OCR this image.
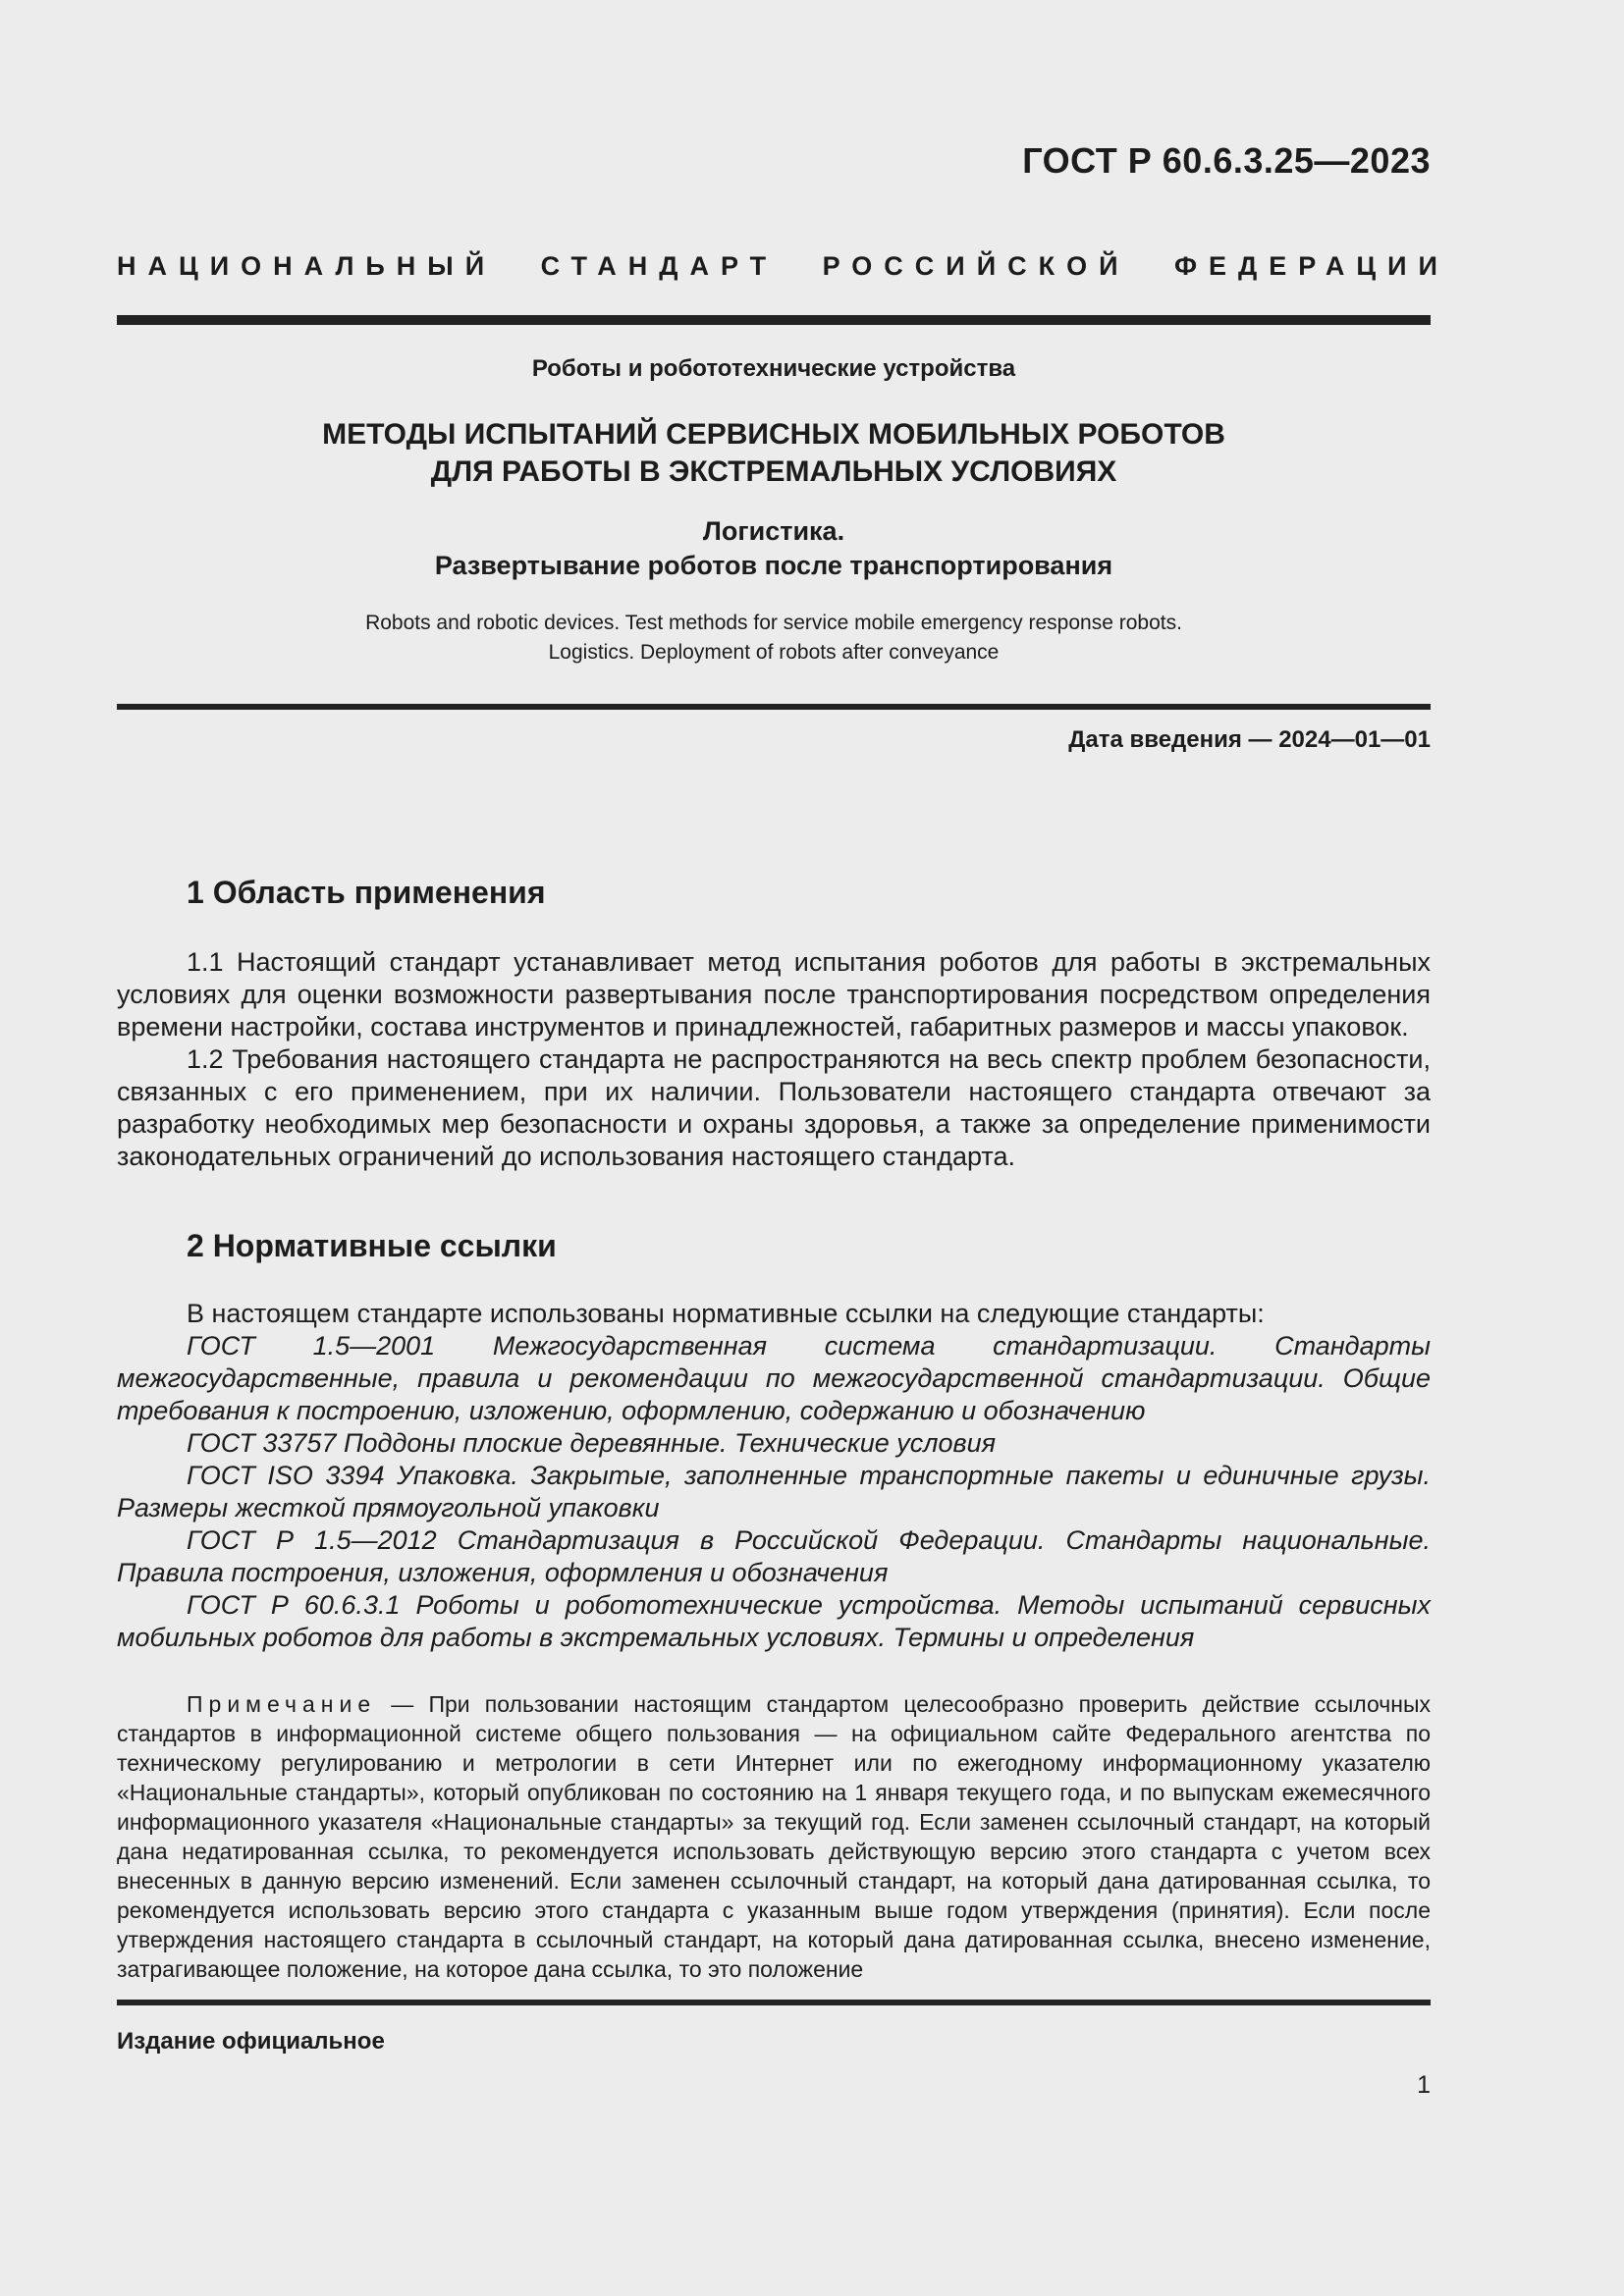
ГОСТ Р 60.6.3.25—2023
НАЦИОНАЛЬНЫЙ СТАНДАРТ РОССИЙСКОЙ ФЕДЕРАЦИИ
Роботы и робототехнические устройства
МЕТОДЫ ИСПЫТАНИЙ СЕРВИСНЫХ МОБИЛЬНЫХ РОБОТОВ
ДЛЯ РАБОТЫ В ЭКСТРЕМАЛЬНЫХ УСЛОВИЯХ
Логистика.
Развертывание роботов после транспортирования
Robots and robotic devices. Test methods for service mobile emergency response robots.
Logistics. Deployment of robots after conveyance
Дата введения — 2024—01—01
1 Область применения

1.1 Настоящий стандарт устанавливает метод испытания роботов для работы в экстремальных условиях для оценки возможности развертывания после транспортирования посредством определения времени настройки, состава инструментов и принадлежностей, габаритных размеров и массы упаковок.

1.2 Требования настоящего стандарта не распространяются на весь спектр проблем безопасности, связанных с его применением, при их наличии. Пользователи настоящего стандарта отвечают за разработку необходимых мер безопасности и охраны здоровья, а также за определение применимости законодательных ограничений до использования настоящего стандарта.

2 Нормативные ссылки

В настоящем стандарте использованы нормативные ссылки на следующие стандарты:

ГОСТ 1.5—2001 Межгосударственная система стандартизации. Стандарты межгосударственные, правила и рекомендации по межгосударственной стандартизации. Общие требования к построению, изложению, оформлению, содержанию и обозначению

ГОСТ 33757 Поддоны плоские деревянные. Технические условия

ГОСТ ISO 3394 Упаковка. Закрытые, заполненные транспортные пакеты и единичные грузы. Размеры жесткой прямоугольной упаковки

ГОСТ Р 1.5—2012 Стандартизация в Российской Федерации. Стандарты национальные. Правила построения, изложения, оформления и обозначения

ГОСТ Р 60.6.3.1 Роботы и робототехнические устройства. Методы испытаний сервисных мобильных роботов для работы в экстремальных условиях. Термины и определения

Примечание — При пользовании настоящим стандартом целесообразно проверить действие ссылочных стандартов в информационной системе общего пользования — на официальном сайте Федерального агентства по техническому регулированию и метрологии в сети Интернет или по ежегодному информационному указателю «Национальные стандарты», который опубликован по состоянию на 1 января текущего года, и по выпускам ежемесячного информационного указателя «Национальные стандарты» за текущий год. Если заменен ссылочный стандарт, на который дана недатированная ссылка, то рекомендуется использовать действующую версию этого стандарта с учетом всех внесенных в данную версию изменений. Если заменен ссылочный стандарт, на который дана датированная ссылка, то рекомендуется использовать версию этого стандарта с указанным выше годом утверждения (принятия). Если после утверждения настоящего стандарта в ссылочный стандарт, на который дана датированная ссылка, внесено изменение, затрагивающее положение, на которое дана ссылка, то это положение

Издание официальное
1
